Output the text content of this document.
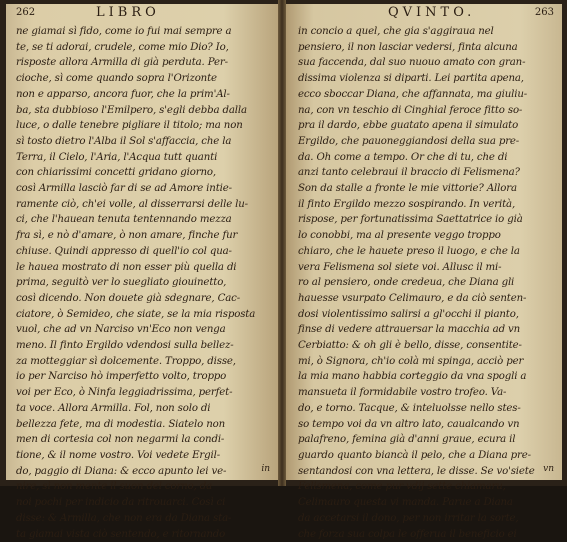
262	LIBRO
ne giamai sì fido, come io fui mai sempre a
te, se ti adorai, crudele, come mio Dio? Io,
risposte allora Armilla di già perduta. Per-
cioche, sì come quando sopra l'Orizonte
non e apparso, ancora fuor, che la prim'Al-
ba, sta dubbioso l'Emilpero, s'egli debba dalla
luce, o dalle tenebre pigliare il titolo; ma non
sì tosto dietro l'Alba il Sol s'affaccia, che la
Terra, il Cielo, l'Aria, l'Acqua tutt quanti
con chiarissimi concetti gridano giorno,
così Armilla lasciò far di se ad Amore intie-
ramente ciò, ch'ei volle, al disserrarsi delle lu-
ci, che l'hauean tenuta tentennando mezza
fra sì, e nò d'amare, ò non amare, finche fur
chiuse. Quindi appresso di quell'io col qua-
le hauea mostrato di non esser più quella di
prima, seguitò ver lo suegliato giouinetto,
così dicendo. Non douete già sdegnare, Cac-
ciatore, ò Semideo, che siate, se la mia risposta
vuol, che ad vn Narciso vn'Eco non venga
meno. Il finto Ergildo vdendosi sulla bellez-
za motteggiar sì dolcemente. Troppo, disse,
io per Narciso hò imperfetto volto, troppo
voi per Eco, ò Ninfa leggiadrissima, perfet-
ta voce. Allora Armilla. Fol, non solo di
bellezza fete, ma di modestia. Siatelo non
men di cortesia col non negarmi la condi-
tione, & il nome vostro. Voi vedete Ergil-
do, paggio di Diana: & ecco apunto lei ve-
nire, sì non mente il suon del corno, da
noi pochi per indicio da ritrouarci. Così ci
disse: & Armilla, che non era da Diana sta-
ta giamai vista ciò sentendo, e ritornando
in
QVINTO.	263
in concio a quel, che gia s'aggiraua nel
pensiero, il non lasciar vedersi, finta alcuna
sua faccenda, dal suo nuouo amato con gran-
dissima violenza si diparti. Lei partita apena,
ecco sboccar Diana, che affannata, ma giuliu-
na, con vn teschio di Cinghial feroce fitto so-
pra il dardo, ebbe guatato apena il simulato
Ergildo, che pauoneggiandosi della sua pre-
da. Oh come a tempo. Or che di tu, che di
anzi tanto celebraui il braccio di Felismena?
Son da stalle a fronte le mie vittorie? Allora
il finto Ergildo mezzo sospirando. In verità,
rispose, per fortunatissima Saettatrice io già
lo conobbi, ma al presente veggo troppo
chiaro, che le hauete preso il luogo, e che la
vera Felismena sol siete voi. Allusc il mi-
ro al pensiero, onde credeua, che Diana gli
hauesse vsurpato Celimauro, e da ciò senten-
dosi violentissimo salirsi a gl'occhi il pianto,
finse di vedere attrauersar la macchia ad vn
Cerbiatto: & oh gli è bello, disse, consentite-
mi, ò Signora, ch'io colà mi spinga, acciò per
la mia mano habbia corteggio da vna spogli a
mansueta il formidabile vostro trofeo. Va-
do, e torno. Tacque, & inteluolsse nello stes-
so tempo voi da vn altro lato, caualcando vn
palafreno, femina già d'anni graue, ecura il
guardo quanto biancà il pelo, che a Diana pre-
sentandosi con vna lettera, le disse. Se vo'siete
Felismena, come pur vdij sette chiamaru,
Celimauro questa vi manda. Parue a Diana
da accetarsi il dono, per non irritar la sorte,
che forza sua colpa le offerua il beneficio ei
vn
